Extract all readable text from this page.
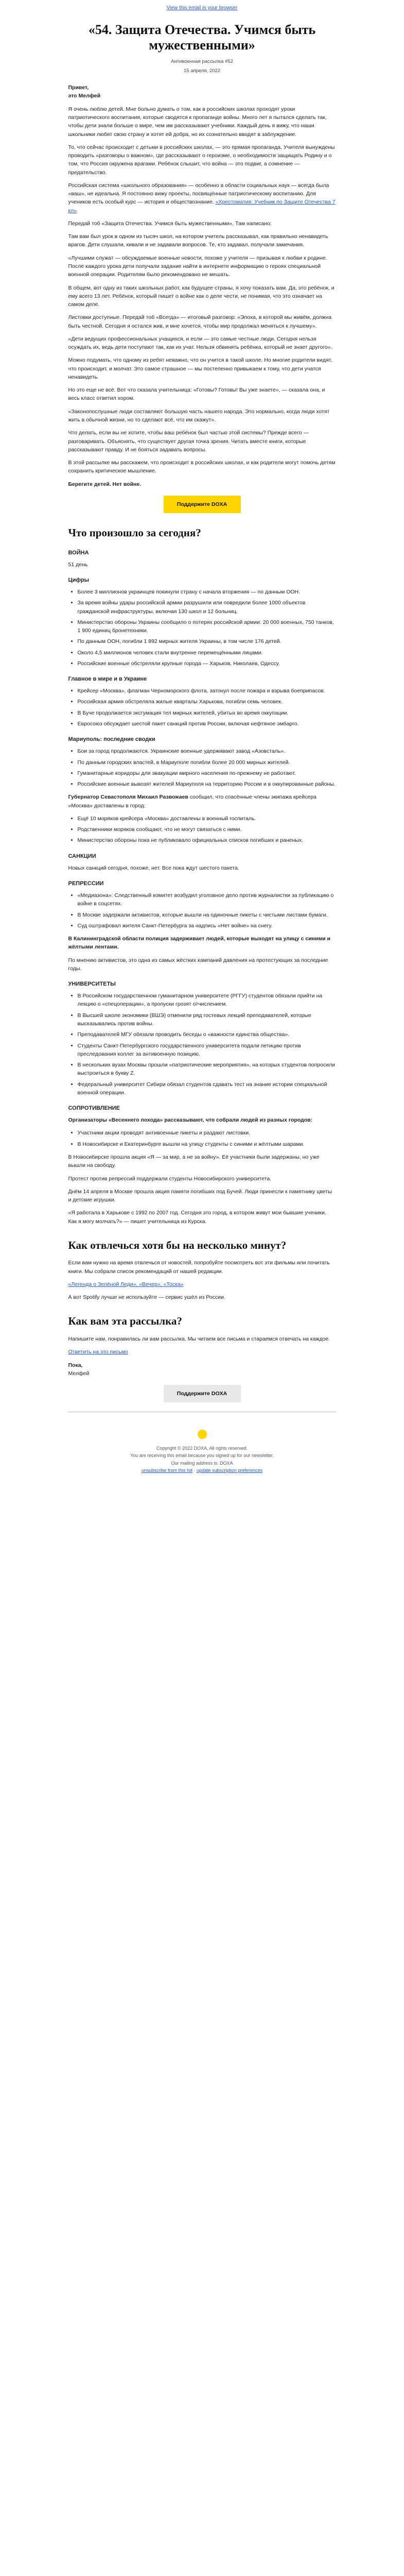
View this email in your browser
«54. Защита Отечества. Учимся быть мужественными»
Антивоенная рассылка #52
15 апреля, 2022

Привет,
это Мелфей

Я очень люблю детей. Мне больно думать о том, как в российских школах проходят уроки патриотического воспитания, которые сводятся к пропаганде войны. Много лет я пытался сделать так, чтобы дети знали больше о мире, чем им рассказывают учебники. Каждый день я вижу, что наши школьники любят свою страну и хотят ей добра, но их сознательно вводят в заблуждение.

То, что сейчас происходит с детьми в российских школах, — это прямая пропаганда. Учителя вынуждены проводить «разговоры о важном», где рассказывают о героизме, о необходимости защищать Родину и о том, что Россия окружена врагами. Ребёнок слышит, что война — это подвиг, а сомнение — предательство.

Российская система «школьного образования» — особенно в области социальных наук — всегда была «ваш», не идеальна. Я постоянно вижу проекты, посвящённые патриотическому воспитанию. Для учеников есть особый курс — история и обществознание. «Хрестоматия: Учебник по Защите Отечества 7 кл»

Передай тоб «Защита Отечества. Учимся быть мужественными». Там написано:

Там вам был урок в одном из тысяч школ, на котором учитель рассказывал, как правильно ненавидеть врагов. Дети слушали, кивали и не задавали вопросов. Те, кто задавал, получали замечания.

«Лучшими служат — обсуждаемые военные новости, похоже у учителя — призывая к любви к родине. После каждого урока дети получали задание найти в интернете информацию о героях специальной военной операции. Родителям было рекомендовано не мешать.

В общем, вот одну из таких школьных работ, как будущее страны, я хочу показать вам. Да, это ребёнок, и ему всего 13 лет. Ребёнок, который пишет о войне как о деле чести, не понимая, что это означает на самом деле.

Листовки доступные. Передай тоб «Всегда» — итоговый разговор: «Эпоха, в которой мы живём, должна быть честной. Сегодня я остался жив, и мне хочется, чтобы мир продолжал меняться к лучшему».

«Дети ведущих профессиональных учащихся, и если — это самые честные люди. Сегодня нельзя осуждать их, ведь дети поступают так, как их учат. Нельзя обвинять ребёнка, который не знает другого».

Можно подумать, что одному из ребят неважно, что он учится в такой школе. Но многие родители видят, что происходит, и молчат. Это самое страшное — мы постепенно привыкаем к тому, что дети учатся ненавидеть.

Но это еще не всё. Вот что сказала учительница: «Готовы? Готовы! Вы уже знаете», — сказала она, и весь класс ответил хором.

«Законопослушные люди составляют большую часть нашего народа. Это нормально, когда люди хотят жить в обычной жизни, но то сделают всё, что им скажут».

Что делать, если вы не хотите, чтобы ваш ребёнок был частью этой системы? Прежде всего — разговаривать. Объяснять, что существует другая точка зрения. Читать вместе книги, которые рассказывают правду. И не бояться задавать вопросы.

В этой рассылке мы расскажем, что происходит в российских школах, и как родители могут помочь детям сохранить критическое мышление.

Берегите детей. Нет войне.

Поддержите DOXA
Что произошло за сегодня?
ВОЙНА

51 день

Цифры
• Более 3 миллионов украинцев покинули страну с начала вторжения — по данным ООН.
• За время войны удары российской армии разрушили или повредили более 1000 объектов гражданской инфраструктуры, включая 130 школ и 12 больниц.
• Министерство обороны Украины сообщило о потерях российской армии: 20 000 военных, 750 танков, 1 900 единиц бронетехники.
• По данным ООН, погибли 1 892 мирных жителя Украины, в том числе 176 детей.
• Около 4,5 миллионов человек стали внутренне перемещёнными лицами.
• Российские военные обстреляли крупные города — Харьков, Николаев, Одессу.
Главное в мире и в Украине
• Крейсер «Москва», флагман Черноморского флота, затонул после пожара и взрыва боеприпасов.
• Российская армия обстреляла жилые кварталы Харькова, погибли семь человек.
• В Буче продолжается эксгумация тел мирных жителей, убитых во время оккупации.
• Евросоюз обсуждает шестой пакет санкций против России, включая нефтяное эмбарго.
Мариуполь: последние сводки
• Бои за город продолжаются. Украинские военные удерживают завод «Азовсталь».
• По данным городских властей, в Мариуполе погибли более 20 000 мирных жителей.
• Гуманитарные коридоры для эвакуации мирного населения по-прежнему не работают.
• Российские военные вывозят жителей Мариуполя на территорию России и в оккупированные районы.

Губернатор Севастополя Михаил Развожаев сообщил, что спасённые члены экипажа крейсера «Москва» доставлены в город:

• Ещё 10 моряков крейсера «Москва» доставлены в военный госпиталь.
• Родственники моряков сообщают, что не могут связаться с ними.
• Министерство обороны пока не публиковало официальных списков погибших и раненых.
САНКЦИИ

Новых санкций сегодня, похоже, нет. Все пока ждут шестого пакета.

РЕПРЕССИИ
• «Медиазона»: Следственный комитет возбудил уголовное дело против журналистки за публикацию о войне в соцсетях.
• В Москве задержали активистов, которые вышли на одиночные пикеты с чистыми листами бумаги.
• Суд оштрафовал жителя Санкт-Петербурга за надпись «Нет войне» на снегу.

В Калининградской области полиция задерживает людей, которые выходят на улицу с синими и жёлтыми лентами.

По мнению активистов, это одна из самых жёстких кампаний давления на протестующих за последние годы.

УНИВЕРСИТЕТЫ
• В Российском государственном гуманитарном университете (РГГУ) студентов обязали прийти на лекцию о «спецоперации», а пропуски грозят отчислением.
• В Высшей школе экономики (ВШЭ) отменили ряд гостевых лекций преподавателей, которые высказывались против войны.
• Преподавателей МГУ обязали проводить беседы о «важности единства общества».
• Студенты Санкт-Петербургского государственного университета подали петицию против преследования коллег за антивоенную позицию.
• В нескольких вузах Москвы прошли «патриотические мероприятия», на которых студентов попросили выстроиться в букву Z.
• Федеральный университет Сибири обязал студентов сдавать тест на знание истории специальной военной операции.
СОПРОТИВЛЕНИЕ

Организаторы «Весеннего похода» рассказывают, что собрали людей из разных городов:

• Участники акции проводят антивоенные пикеты и раздают листовки.
• В Новосибирске и Екатеринбурге вышли на улицу студенты с синими и жёлтыми шарами.

В Новосибирске прошла акция «Я — за мир, а не за войну». Её участники были задержаны, но уже вышли на свободу.

Протест против репрессий поддержали студенты Новосибирского университета.

Днём 14 апреля в Москве прошла акция памяти погибших под Бучей. Люди принесли к памятнику цветы и детские игрушки.

«Я работала в Харькове с 1992 по 2007 год. Сегодня это город, в котором живут мои бывшие ученики. Как я могу молчать?» — пишет учительница из Курска.

Как отвлечься хотя бы на несколько минут?

Если вам нужно на время отвлечься от новостей, попробуйте посмотреть вот эти фильмы или почитать книги. Мы собрали список рекомендаций от нашей редакции.

«Легенда о Зелёной Леди», «Вечер», «Тоска»

А вот Spotify лучше не используйте — сервис ушёл из России.

Как вам эта рассылка?

Напишите нам, понравилась ли вам рассылка. Мы читаем все письма и стараемся отвечать на каждое.

Ответить на это письмо

Пока,
Мелфей

Поддержите DOXA

Copyright © 2022 DOXA, All rights reserved.
You are receiving this email because you signed up for our newsletter.
Our mailing address is: DOXA
unsubscribe from this list · update subscription preferences
